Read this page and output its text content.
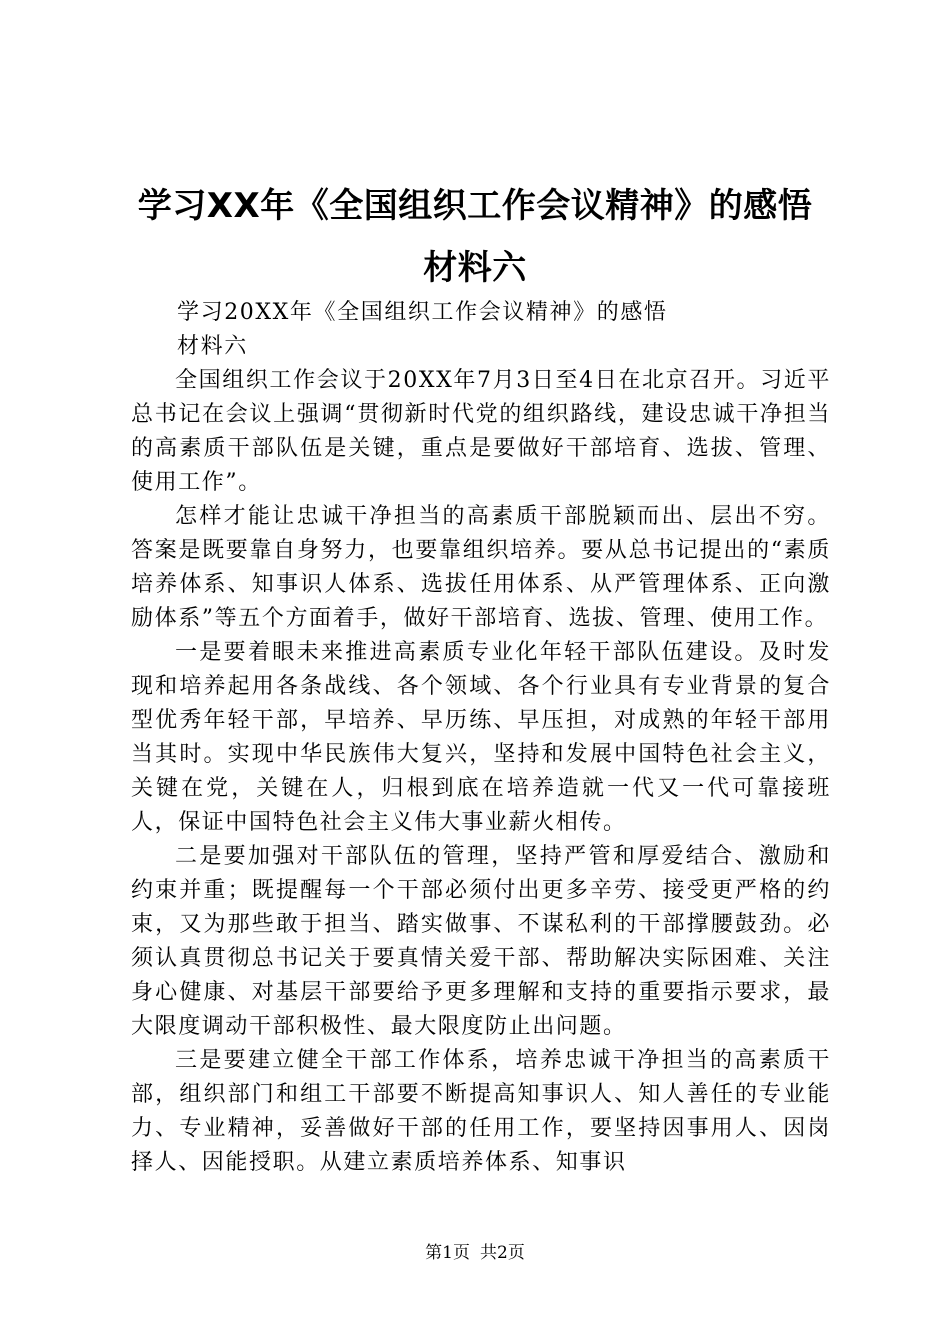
学习XX年《全国组织工作会议精神》的感悟
材料六
学习20XX年《全国组织工作会议精神》的感悟
材料六

全国组织工作会议于20XX年7月3日至4日在北京召开。习近平总书记在会议上强调“贯彻新时代党的组织路线，建设忠诚干净担当的高素质干部队伍是关键，重点是要做好干部培育、选拔、管理、使用工作”。

怎样才能让忠诚干净担当的高素质干部脱颖而出、层出不穷。答案是既要靠自身努力，也要靠组织培养。要从总书记提出的“素质培养体系、知事识人体系、选拔任用体系、从严管理体系、正向激励体系”等五个方面着手，做好干部培育、选拔、管理、使用工作。

一是要着眼未来推进高素质专业化年轻干部队伍建设。及时发现和培养起用各条战线、各个领域、各个行业具有专业背景的复合型优秀年轻干部，早培养、早历练、早压担，对成熟的年轻干部用当其时。实现中华民族伟大复兴，坚持和发展中国特色社会主义，关键在党，关键在人，归根到底在培养造就一代又一代可靠接班人，保证中国特色社会主义伟大事业薪火相传。

二是要加强对干部队伍的管理，坚持严管和厚爱结合、激励和约束并重；既提醒每一个干部必须付出更多辛劳、接受更严格的约束，又为那些敢于担当、踏实做事、不谋私利的干部撑腰鼓劲。必须认真贯彻总书记关于要真情关爱干部、帮助解决实际困难、关注身心健康、对基层干部要给予更多理解和支持的重要指示要求，最大限度调动干部积极性、最大限度防止出问题。

三是要建立健全干部工作体系，培养忠诚干净担当的高素质干部，组织部门和组工干部要不断提高知事识人、知人善任的专业能力、专业精神，妥善做好干部的任用工作，要坚持因事用人、因岗择人、因能授职。从建立素质培养体系、知事识

第1页 共2页
